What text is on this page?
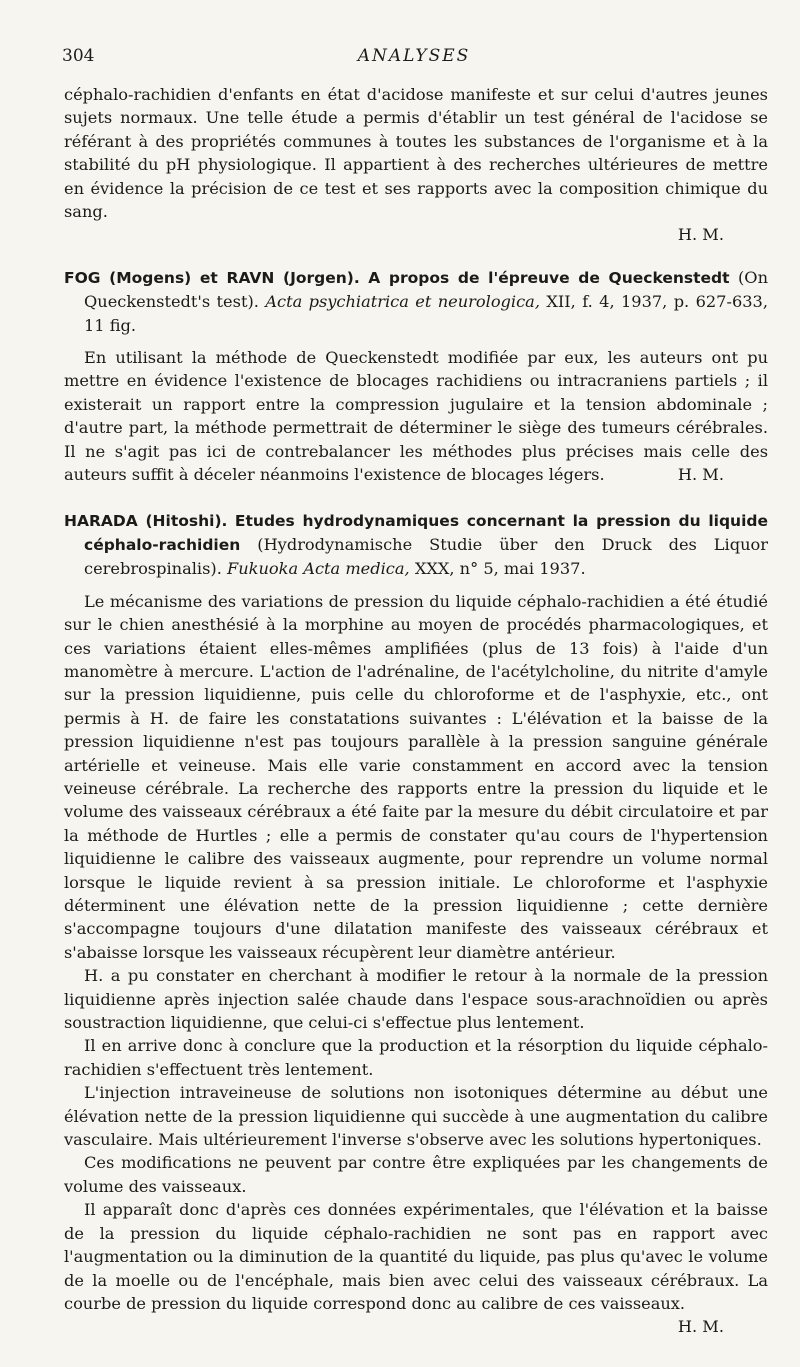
304	ANALYSES

céphalo-rachidien d'enfants en état d'acidose manifeste et sur celui d'autres jeunes sujets normaux. Une telle étude a permis d'établir un test général de l'acidose se référant à des propriétés communes à toutes les substances de l'organisme et à la stabilité du pH physiologique. Il appartient à des recherches ultérieures de mettre en évidence la précision de ce test et ses rapports avec la composition chimique du sang.

H. M.

FOG (Mogens) et RAVN (Jorgen). A propos de l'épreuve de Queckenstedt (On Queckenstedt's test). Acta psychiatrica et neurologica, XII, f. 4, 1937, p. 627-633, 11 fig.

En utilisant la méthode de Queckenstedt modifiée par eux, les auteurs ont pu mettre en évidence l'existence de blocages rachidiens ou intracraniens partiels ; il existerait un rapport entre la compression jugulaire et la tension abdominale ; d'autre part, la méthode permettrait de déterminer le siège des tumeurs cérébrales. Il ne s'agit pas ici de contrebalancer les méthodes plus précises mais celle des auteurs suffit à déceler néanmoins l'existence de blocages légers.	H. M.

HARADA (Hitoshi). Etudes hydrodynamiques concernant la pression du liquide céphalo-rachidien (Hydrodynamische Studie über den Druck des Liquor cerebrospinalis). Fukuoka Acta medica, XXX, n° 5, mai 1937.

Le mécanisme des variations de pression du liquide céphalo-rachidien a été étudié sur le chien anesthésié à la morphine au moyen de procédés pharmacologiques, et ces variations étaient elles-mêmes amplifiées (plus de 13 fois) à l'aide d'un manomètre à mercure. L'action de l'adrénaline, de l'acétylcholine, du nitrite d'amyle sur la pression liquidienne, puis celle du chloroforme et de l'asphyxie, etc., ont permis à H. de faire les constatations suivantes : L'élévation et la baisse de la pression liquidienne n'est pas toujours parallèle à la pression sanguine générale artérielle et veineuse. Mais elle varie constamment en accord avec la tension veineuse cérébrale. La recherche des rapports entre la pression du liquide et le volume des vaisseaux cérébraux a été faite par la mesure du débit circulatoire et par la méthode de Hurtles ; elle a permis de constater qu'au cours de l'hypertension liquidienne le calibre des vaisseaux augmente, pour reprendre un volume normal lorsque le liquide revient à sa pression initiale. Le chloroforme et l'asphyxie déterminent une élévation nette de la pression liquidienne ; cette dernière s'accompagne toujours d'une dilatation manifeste des vaisseaux cérébraux et s'abaisse lorsque les vaisseaux récupèrent leur diamètre antérieur.

H. a pu constater en cherchant à modifier le retour à la normale de la pression liquidienne après injection salée chaude dans l'espace sous-arachnoïdien ou après soustraction liquidienne, que celui-ci s'effectue plus lentement.

Il en arrive donc à conclure que la production et la résorption du liquide céphalo-rachidien s'effectuent très lentement.

L'injection intraveineuse de solutions non isotoniques détermine au début une élévation nette de la pression liquidienne qui succède à une augmentation du calibre vasculaire. Mais ultérieurement l'inverse s'observe avec les solutions hypertoniques.

Ces modifications ne peuvent par contre être expliquées par les changements de volume des vaisseaux.

Il apparaît donc d'après ces données expérimentales, que l'élévation et la baisse de la pression du liquide céphalo-rachidien ne sont pas en rapport avec l'augmentation ou la diminution de la quantité du liquide, pas plus qu'avec le volume de la moelle ou de l'encéphale, mais bien avec celui des vaisseaux cérébraux. La courbe de pression du liquide correspond donc au calibre de ces vaisseaux.
H. M.
